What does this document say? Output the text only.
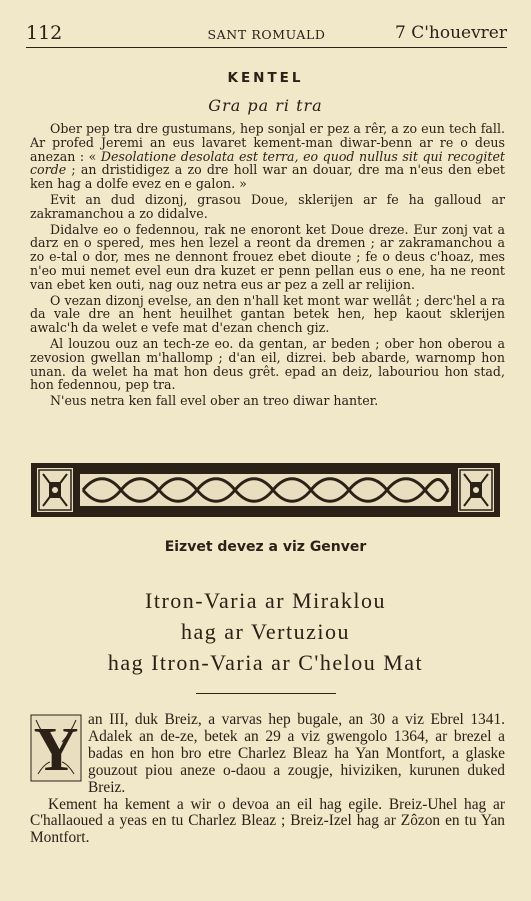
112	SANT ROMUALD	7 C'houevrer
KENTEL
Gra pa ri tra

Ober pep tra dre gustumans, hep sonjal er pez a rêr, a zo eun tech fall. Ar profed Jeremi an eus lavaret kement-man diwar-benn ar re o deus anezan : « Desolatione desolata est terra, eo quod nullus sit qui recogitet corde ; an dristidigez a zo dre holl war an douar, dre ma n'eus den ebet ken hag a dolfe evez en e galon. »

Evit an dud dizonj, grasou Doue, sklerijen ar fe ha galloud ar zakramanchou a zo didalve.

Didalve eo o fedennou, rak ne enoront ket Doue dreze. Eur zonj vat a darz en o spered, mes hen lezel a reont da dremen ; ar zakramanchou a zo e-tal o dor, mes ne dennont frouez ebet dioute ; fe o deus c'hoaz, mes n'eo mui nemet evel eun dra kuzet er penn pellan eus o ene, ha ne reont van ebet ken outi, nag ouz netra eus ar pez a zell ar relijion.

O vezan dizonj evelse, an den n'hall ket mont war wellât ; derc'hel a ra da vale dre an hent heuilhet gantan betek hen, hep kaout sklerijen awalc'h da welet e vefe mat d'ezan chench giz.

Al louzou ouz an tech-ze eo. da gentan, ar beden ; ober hon oberou a zevosion gwellan m'hallomp ; d'an eil, dizrei. beb abarde, warnomp hon unan. da welet ha mat hon deus grêt. epad an deiz, labouriou hon stad, hon fedennou, pep tra.

N'eus netra ken fall evel ober an treo diwar hanter.

Eizvet devez a viz Genver
Itron-Varia ar Miraklou
hag ar Vertuziou
hag Itron-Varia ar C'helou Mat
Y an III, duk Breiz, a varvas hep bugale, an 30 a viz Ebrel 1341. Adalek an de-ze, betek an 29 a viz gwengolo 1364, ar brezel a badas en hon bro etre Charlez Bleaz ha Yan Montfort, a glaske gouzout piou aneze o-daou a zougje, hiviziken, kurunen duked Breiz.

Kement ha kement a wir o devoa an eil hag egile. Breiz-Uhel hag ar C'hallaoued a yeas en tu Charlez Bleaz ; Breiz-Izel hag ar Zôzon en tu Yan Montfort.
